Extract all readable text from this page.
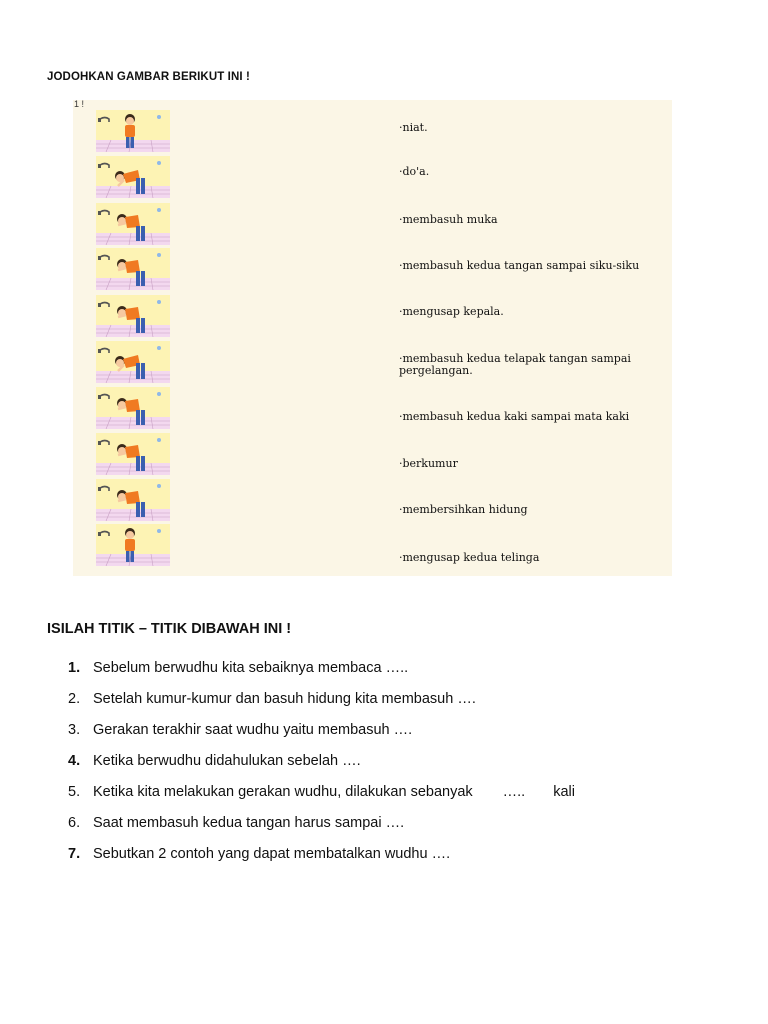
JODOHKAN GAMBAR BERIKUT INI !
1 !
·niat.
·do'a.
·membasuh muka
·membasuh kedua tangan sampai siku-siku
·mengusap kepala.
·membasuh kedua telapak tangan sampai pergelangan.
·membasuh kedua kaki sampai mata kaki
·berkumur
·membersihkan hidung
·mengusap kedua telinga
ISILAH TITIK – TITIK DIBAWAH INI !
1. Sebelum berwudhu kita sebaiknya membaca …..
2. Setelah kumur-kumur dan basuh hidung kita membasuh ….
3. Gerakan terakhir saat wudhu yaitu membasuh ….
4. Ketika berwudhu didahulukan sebelah ….
5. Ketika kita melakukan gerakan wudhu, dilakukan sebanyak ….. kali
6. Saat membasuh kedua tangan harus sampai ….
7. Sebutkan 2 contoh yang dapat membatalkan wudhu ….
